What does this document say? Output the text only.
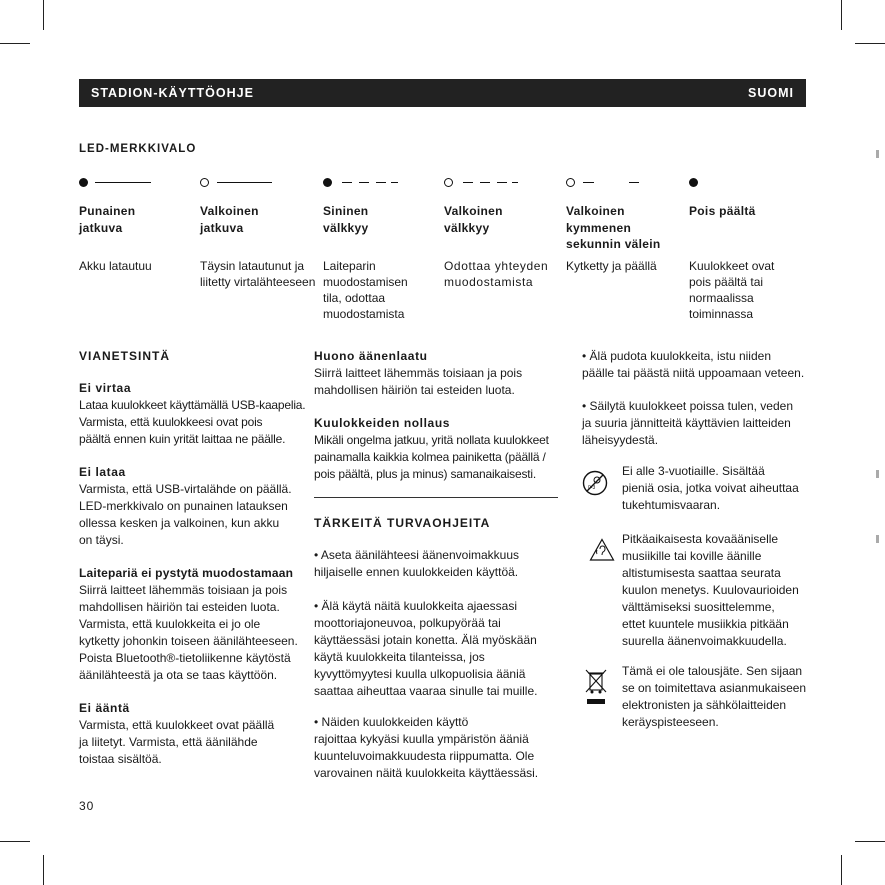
STADION-KÄYTTÖOHJE	SUOMI
LED-MERKKIVALO
Punainen
jatkuva
Akku latautuu
Valkoinen
jatkuva
Täysin latautunut ja
liitetty virtalähteeseen
Sininen
välkkyy
Laiteparin
muodostamisen
tila, odottaa
muodostamista
Valkoinen
välkkyy
Odottaa yhteyden
muodostamista
Valkoinen
kymmenen
sekunnin välein
Kytketty ja päällä
Pois päältä
Kuulokkeet ovat
pois päältä tai
normaalissa
toiminnassa
VIANETSINTÄ
Ei virtaa

Lataa kuulokkeet käyttämällä USB-kaapelia.
Varmista, että kuulokkeesi ovat pois
päältä ennen kuin yrität laittaa ne päälle.

Ei lataa

Varmista, että USB-virtalähde on päällä.
LED-merkkivalo on punainen latauksen
ollessa kesken ja valkoinen, kun akku
on täysi.

Laitepariä ei pystytä muodostamaan

Siirrä laitteet lähemmäs toisiaan ja pois
mahdollisen häiriön tai esteiden luota.
Varmista, että kuulokkeita ei jo ole
kytketty johonkin toiseen äänilähteeseen.
Poista Bluetooth®-tietoliikenne käytöstä
äänilähteestä ja ota se taas käyttöön.

Ei ääntä

Varmista, että kuulokkeet ovat päällä
ja liitetyt. Varmista, että äänilähde
toistaa sisältöä.

Huono äänenlaatu

Siirrä laitteet lähemmäs toisiaan ja pois
mahdollisen häiriön tai esteiden luota.

Kuulokkeiden nollaus

Mikäli ongelma jatkuu, yritä nollata kuulokkeet
painamalla kaikkia kolmea painiketta (päällä /
pois päältä, plus ja minus) samanaikaisesti.

TÄRKEITÄ TURVAOHJEITA

• Aseta äänilähteesi äänenvoimakkuus
hiljaiselle ennen kuulokkeiden käyttöä.

• Älä käytä näitä kuulokkeita ajaessasi
moottoriajoneuvoa, polkupyörää tai
käyttäessäsi jotain konetta. Älä myöskään
käytä kuulokkeita tilanteissa, jos
kyvyttömyytesi kuulla ulkopuolisia ääniä
saattaa aiheuttaa vaaraa sinulle tai muille.

• Näiden kuulokkeiden käyttö
rajoittaa kykyäsi kuulla ympäristön ääniä
kuunteluvoimakkuudesta riippumatta. Ole
varovainen näitä kuulokkeita käyttäessäsi.

• Älä pudota kuulokkeita, istu niiden
päälle tai päästä niitä uppoamaan veteen.

• Säilytä kuulokkeet poissa tulen, veden
ja suuria jännitteitä käyttävien laitteiden
läheisyydestä.

0-3

Ei alle 3-vuotiaille. Sisältää
pieniä osia, jotka voivat aiheuttaa
tukehtumisvaaran.

Pitkäaikaisesta kovaääniselle
musiikille tai koville äänille
altistumisesta saattaa seurata
kuulon menetys. Kuulovaurioiden
välttämiseksi suosittelemme,
ettet kuuntele musiikkia pitkään
suurella äänenvoimakkuudella.

Tämä ei ole talousjäte. Sen sijaan
se on toimitettava asianmukaiseen
elektronisten ja sähkölaitteiden
keräyspisteeseen.

30
